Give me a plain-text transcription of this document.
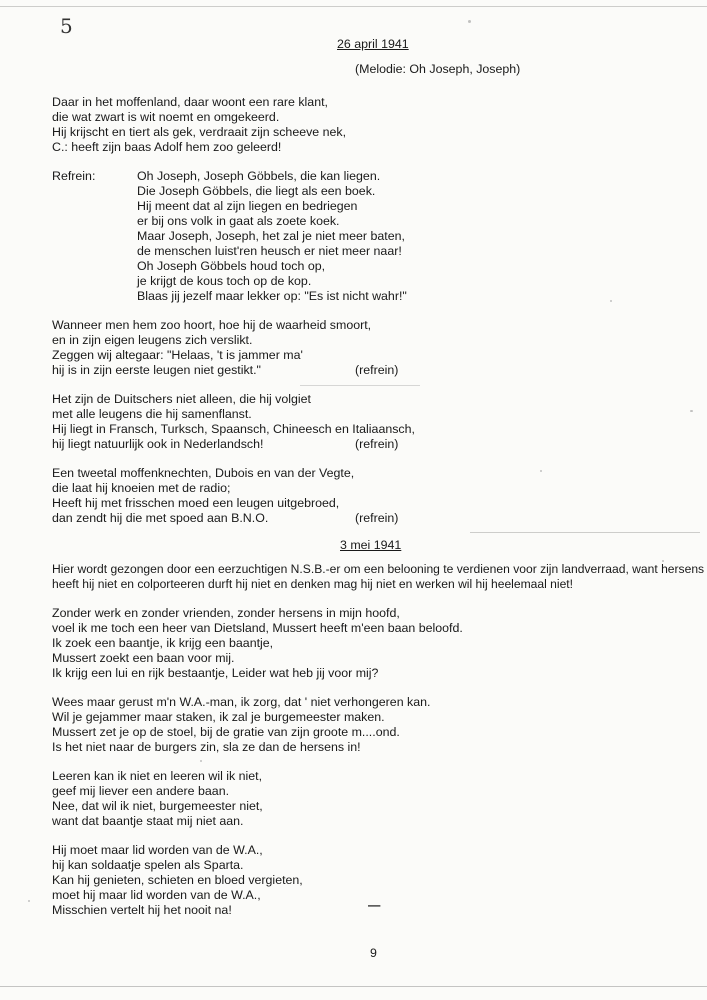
5
26 april 1941
(Melodie: Oh Joseph, Joseph)
Daar in het moffenland, daar woont een rare klant,
die wat zwart is wit noemt en omgekeerd.
Hij krijscht en tiert als gek, verdraait zijn scheeve nek,
C.: heeft zijn baas Adolf hem zoo geleerd!
Refrein:	Oh Joseph, Joseph Göbbels, die kan liegen.
Die Joseph Göbbels, die liegt als een boek.
Hij meent dat al zijn liegen en bedriegen
er bij ons volk in gaat als zoete koek.
Maar Joseph, Joseph, het zal je niet meer baten,
de menschen luist'ren heusch er niet meer naar!
Oh Joseph Göbbels houd toch op,
je krijgt de kous toch op de kop.
Blaas jij jezelf maar lekker op: "Es ist nicht wahr!"
Wanneer men hem zoo hoort, hoe hij de waarheid smoort,
en in zijn eigen leugens zich verslikt.
Zeggen wij altegaar: "Helaas, 't is jammer ma'
hij is in zijn eerste leugen niet gestikt."	(refrein)
Het zijn de Duitschers niet alleen, die hij volgiet
met alle leugens die hij samenflanst.
Hij liegt in Fransch, Turksch, Spaansch, Chineesch en Italiaansch,
hij liegt natuurlijk ook in Nederlandsch!	(refrein)
Een tweetal moffenknechten, Dubois en van der Vegte,
die laat hij knoeien met de radio;
Heeft hij met frisschen moed een leugen uitgebroed,
dan zendt hij die met spoed aan B.N.O.	(refrein)
3 mei 1941
Hier wordt gezongen door een eerzuchtigen N.S.B.-er om een belooning te verdienen voor zijn landverraad, want hersens
heeft hij niet en colporteeren durft hij niet en denken mag hij niet en werken wil hij heelemaal niet!
Zonder werk en zonder vrienden, zonder hersens in mijn hoofd,
voel ik me toch een heer van Dietsland, Mussert heeft m'een baan beloofd.
Ik zoek een baantje, ik krijg een baantje,
Mussert zoekt een baan voor mij.
Ik krijg een lui en rijk bestaantje, Leider wat heb jij voor mij?
Wees maar gerust m'n W.A.-man, ik zorg, dat ' niet verhongeren kan.
Wil je gejammer maar staken, ik zal je burgemeester maken.
Mussert zet je op de stoel, bij de gratie van zijn groote m....ond.
Is het niet naar de burgers zin, sla ze dan de hersens in!
Leeren kan ik niet en leeren wil ik niet,
geef mij liever een andere baan.
Nee, dat wil ik niet, burgemeester niet,
want dat baantje staat mij niet aan.
Hij moet maar lid worden van de W.A.,
hij kan soldaatje spelen als Sparta.
Kan hij genieten, schieten en bloed vergieten,
moet hij maar lid worden van de W.A.,
Misschien vertelt hij het nooit na!	—
9
